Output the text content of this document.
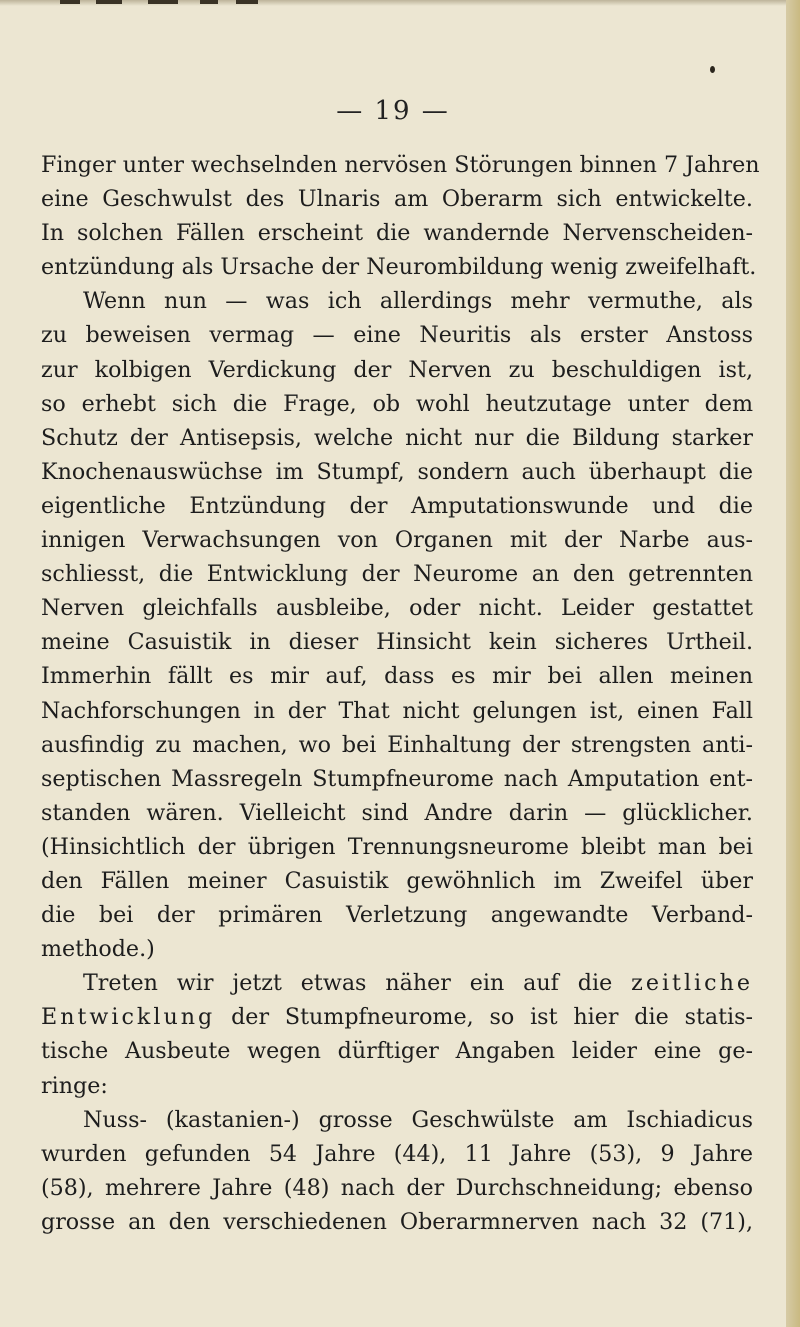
— 19 —
Finger unter wechselnden nervösen Störungen binnen 7 Jahren
eine Geschwulst des Ulnaris am Oberarm sich entwickelte.
In solchen Fällen erscheint die wandernde Nervenscheiden-
entzündung als Ursache der Neurombildung wenig zweifelhaft.
Wenn nun — was ich allerdings mehr vermuthe, als
zu beweisen vermag — eine Neuritis als erster Anstoss
zur kolbigen Verdickung der Nerven zu beschuldigen ist,
so erhebt sich die Frage, ob wohl heutzutage unter dem
Schutz der Antisepsis, welche nicht nur die Bildung starker
Knochenauswüchse im Stumpf, sondern auch überhaupt die
eigentliche Entzündung der Amputationswunde und die
innigen Verwachsungen von Organen mit der Narbe aus-
schliesst, die Entwicklung der Neurome an den getrennten
Nerven gleichfalls ausbleibe, oder nicht. Leider gestattet
meine Casuistik in dieser Hinsicht kein sicheres Urtheil.
Immerhin fällt es mir auf, dass es mir bei allen meinen
Nachforschungen in der That nicht gelungen ist, einen Fall
ausfindig zu machen, wo bei Einhaltung der strengsten anti-
septischen Massregeln Stumpfneurome nach Amputation ent-
standen wären. Vielleicht sind Andre darin — glücklicher.
(Hinsichtlich der übrigen Trennungsneurome bleibt man bei
den Fällen meiner Casuistik gewöhnlich im Zweifel über
die bei der primären Verletzung angewandte Verband-
methode.)
Treten wir jetzt etwas näher ein auf die zeitliche
Entwicklung der Stumpfneurome, so ist hier die statis-
tische Ausbeute wegen dürftiger Angaben leider eine ge-
ringe:
Nuss- (kastanien-) grosse Geschwülste am Ischiadicus
wurden gefunden 54 Jahre (44), 11 Jahre (53), 9 Jahre
(58), mehrere Jahre (48) nach der Durchschneidung; ebenso
grosse an den verschiedenen Oberarmnerven nach 32 (71),
